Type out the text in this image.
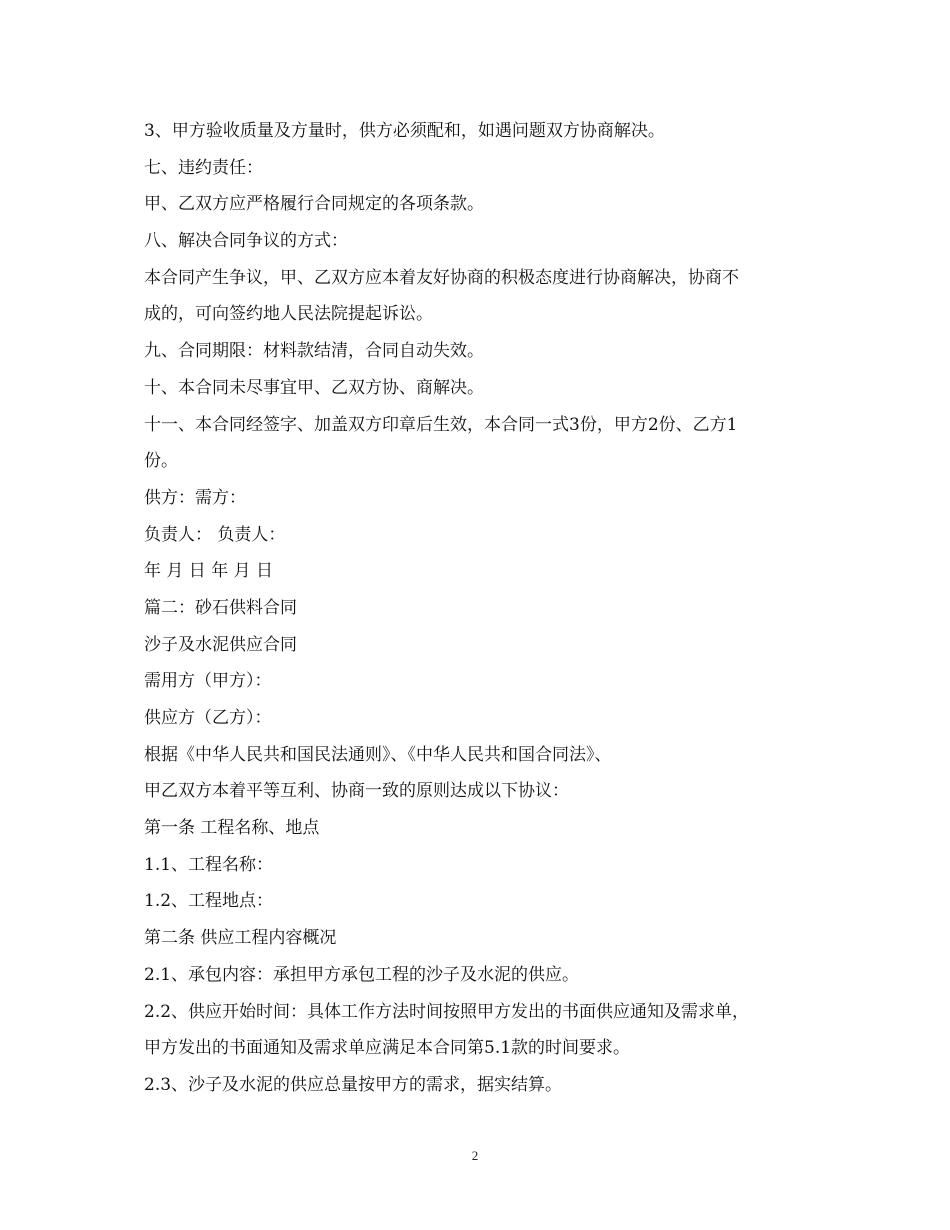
3、甲方验收质量及方量时，供方必须配和，如遇问题双方协商解决。
七、违约责任：
甲、乙双方应严格履行合同规定的各项条款。
八、解决合同争议的方式：
本合同产生争议，甲、乙双方应本着友好协商的积极态度进行协商解决，协商不
成的，可向签约地人民法院提起诉讼。
九、合同期限：材料款结清，合同自动失效。
十、本合同未尽事宜甲、乙双方协、商解决。
十一、本合同经签字、加盖双方印章后生效，本合同一式3份，甲方2份、乙方1
份。
供方：需方：
负责人： 负责人：
年 月 日 年 月 日
篇二：砂石供料合同
沙子及水泥供应合同
需用方（甲方）：
供应方（乙方）：
根据《中华人民共和国民法通则》、《中华人民共和国合同法》、
甲乙双方本着平等互利、协商一致的原则达成以下协议：
第一条 工程名称、地点
1.1、工程名称：
1.2、工程地点：
第二条 供应工程内容概况
2.1、承包内容：承担甲方承包工程的沙子及水泥的供应。
2.2、供应开始时间：具体工作方法时间按照甲方发出的书面供应通知及需求单，
甲方发出的书面通知及需求单应满足本合同第5.1款的时间要求。
2.3、沙子及水泥的供应总量按甲方的需求，据实结算。
2
